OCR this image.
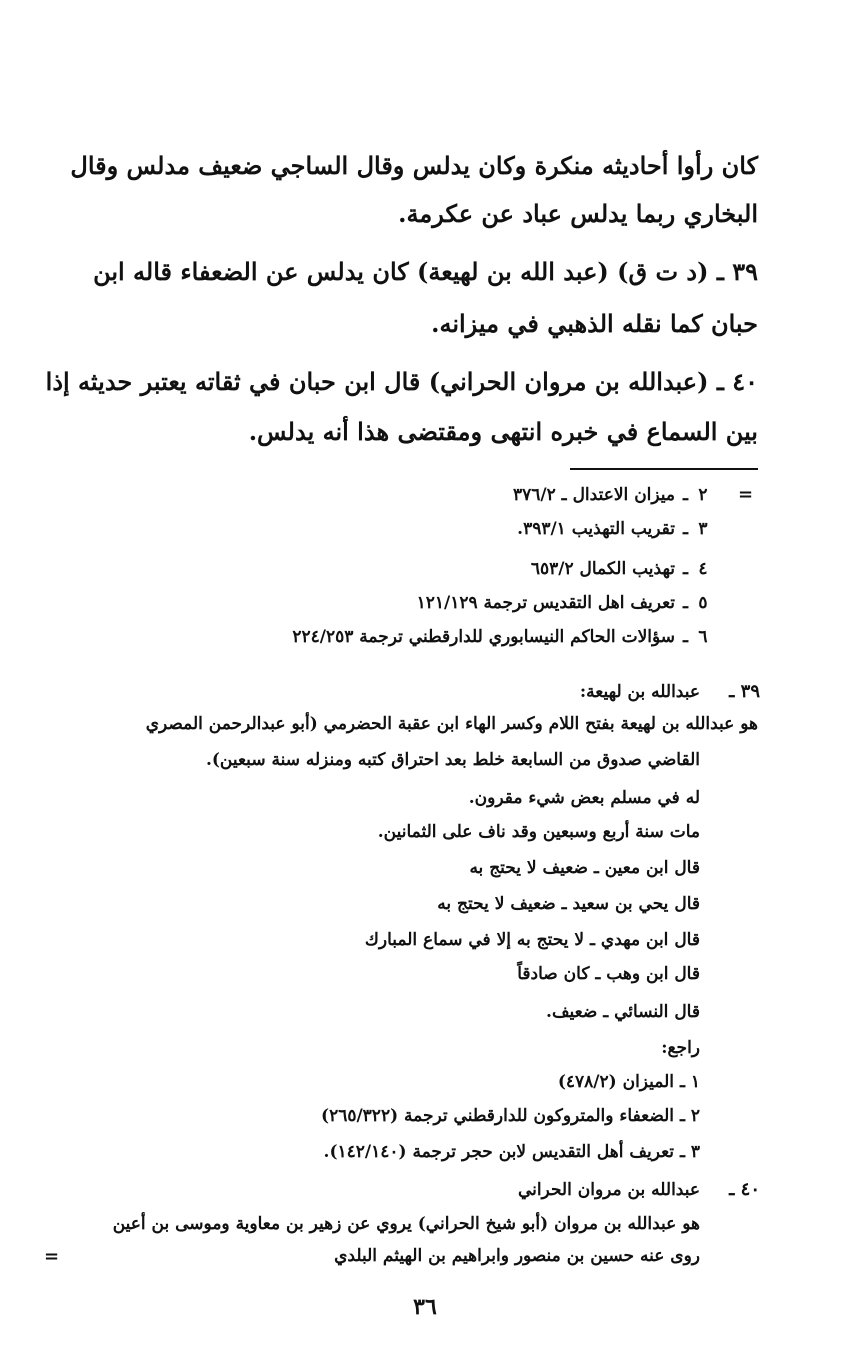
كان رأوا أحاديثه منكرة وكان يدلس وقال الساجي ضعيف مدلس وقال
البخاري ربما يدلس عباد عن عكرمة.
٣٩ ـ (د ت ق) (عبد الله بن لهيعة) كان يدلس عن الضعفاء قاله ابن
حبان كما نقله الذهبي في ميزانه.
٤٠ ـ (عبدالله بن مروان الحراني) قال ابن حبان في ثقاته يعتبر حديثه إذا
بين السماع في خبره انتهى ومقتضى هذا أنه يدلس.
=
٢ـميزان الاعتدال ـ ٣٧٦/٢
٣ـتقريب التهذيب ٣٩٣/١.
٤ـتهذيب الكمال ٦٥٣/٢
٥ـتعريف اهل التقديس ترجمة ١٢١/١٢٩
٦ـسؤالات الحاكم النيسابوري للدارقطني ترجمة ٢٢٤/٢٥٣
٣٩ ـ
عبدالله بن لهيعة:
هو عبدالله بن لهيعة بفتح اللام وكسر الهاء ابن عقبة الحضرمي (أبو عبدالرحمن المصري
القاضي صدوق من السابعة خلط بعد احتراق كتبه ومنزله سنة سبعين).
له في مسلم بعض شيء مقرون.
مات سنة أربع وسبعين وقد ناف على الثمانين.
قال ابن معين ـ ضعيف لا يحتج به
قال يحي بن سعيد ـ ضعيف لا يحتج به
قال ابن مهدي ـ لا يحتج به إلا في سماع المبارك
قال ابن وهب ـ كان صادقاً
قال النسائي ـ ضعيف.
راجع:
١ ـ الميزان (٤٧٨/٢)
٢ ـ الضعفاء والمتروكون للدارقطني ترجمة (٢٦٥/٣٢٢)
٣ ـ تعريف أهل التقديس لابن حجر ترجمة (١٤٢/١٤٠).
٤٠ ـ
عبدالله بن مروان الحراني
هو عبدالله بن مروان (أبو شيخ الحراني) يروي عن زهير بن معاوية وموسى بن أعين
روى عنه حسين بن منصور وابراهيم بن الهيثم البلدي
=
٣٦
